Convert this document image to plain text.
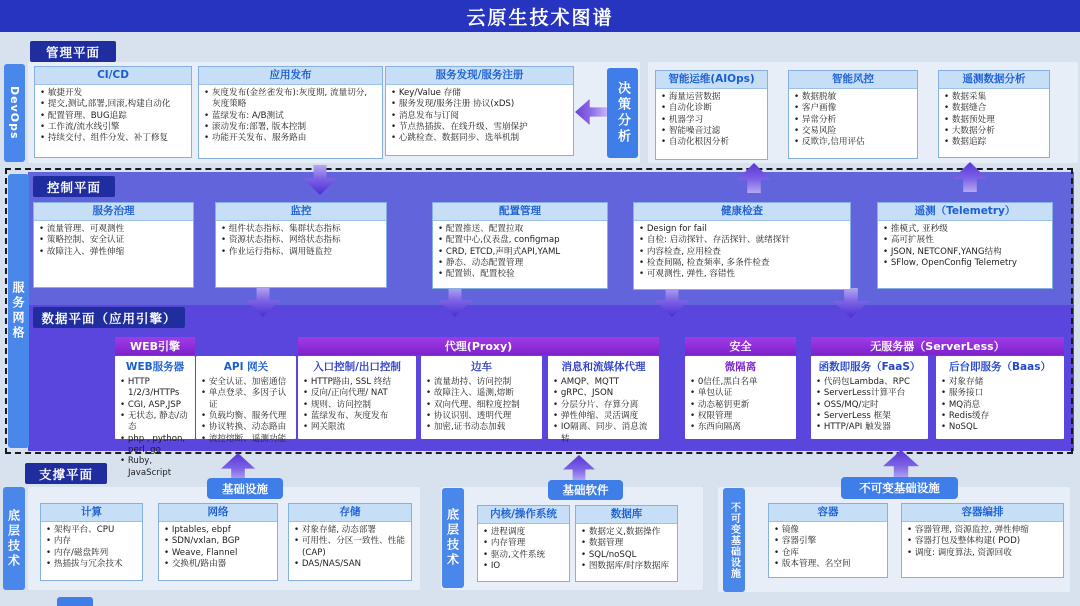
云原生技术图谱
管理平面
控制平面
数据平面（应用引擎）
支撑平面
DevOps	决策分析
服务网格
底层技术	底层技术	不可变基础设施
WEB引擎	代理(Proxy)	安全	无服务器（ServerLess）
基础设施	基础软件	不可变基础设施
CI/CD
• 敏捷开发
• 提交,测试,部署,回滚,构建自动化
• 配置管理、BUG追踪
• 工作流/流水线引擎
• 持续交付、组件分发、补丁修复
应用发布
• 灰度发布(金丝雀发布):灰度期, 流量切分, 灰度策略
• 蓝绿发布: A/B测试
• 滚动发布:部署, 版本控制
• 功能开关发布、服务路由
服务发现/服务注册
• Key/Value 存储
• 服务发现/服务注册 协议(xDS)
• 消息发布与订阅
• 节点热插拔、在线升级、雪崩保护
• 心跳检查、数据同步、选举机制
智能运维(AIOps)
• 海量运营数据
• 自动化诊断
• 机器学习
• 智能噪音过滤
• 自动化根因分析
智能风控
• 数据脱敏
• 客户画像
• 异常分析
• 交易风险
• 反欺诈,信用评估
遥测数据分析
• 数据采集
• 数据缝合
• 数据预处理
• 大数据分析
• 数据追踪
服务治理
• 流量管理、可观测性
• 策略控制、安全认证
• 故障注入、弹性伸缩
监控
• 组件状态指标、集群状态指标
• 资源状态指标、网络状态指标
• 作业运行指标、调用链监控
配置管理
• 配置推送、配置拉取
• 配置中心,仪表盘, configmap
• CRD, ETCD,声明式API,YAML
• 静态、动态配置管理
• 配置锁、配置校验
健康检查
• Design for fail
• 自检: 启动探针、存活探针、就绪探针
• 内容检查, 应用检查
• 检查间隔, 检查频率, 多条件检查
• 可观测性, 弹性, 容错性
遥测（Telemetry）
• 推模式, 亚秒级
• 高可扩展性
• JSON, NETCONF,YANG结构
• SFlow, OpenConfig Telemetry
WEB服务器
• HTTP 1/2/3/HTTPs
• CGI, ASP,JSP
• 无状态, 静态/动态
• php , python, perl, go
• Ruby, JavaScript
API 网关
• 安全认证、加密通信
• 单点登录、多因子认证
• 负载均衡、服务代理
• 协议转换、动态路由
• 流控熔断、遥测功能
入口控制/出口控制
• HTTP路由, SSL 终结
• 反向/正向代理/ NAT
• 规则、访问控制
• 蓝绿发布、灰度发布
• 网关限流
边车
• 流量劫持、访问控制
• 故障注入、遥测,熔断
• 双向代理、细粒度控制
• 协议识别、透明代理
• 加密,证书动态加载
消息和流媒体代理
• AMQP、MQTT
• gRPC、JSON
• 分层分片、存算分离
• 弹性伸缩、灵活调度
• IO隔离、同步、消息流转
微隔离
• 0信任,黑白名单
• 单包认证
• 动态秘钥更新
• 权限管理
• 东西向隔离
函数即服务（FaaS）
• 代码包Lambda、RPC
• ServerLess计算平台
• OSS/MQ/定时
• ServerLess 框架
• HTTP/API 触发器
后台即服务（Baas）
• 对象存储
• 服务接口
• MQ消息
• Redis缓存
• NoSQL
计算
• 架构平台、CPU
• 内存
• 内存/磁盘阵列
• 热插拔与冗余技术
网络
• Iptables, ebpf
• SDN/vxlan, BGP
• Weave, Flannel
• 交换机/路由器
存储
• 对象存储, 动态部署
• 可用性、分区一致性、性能(CAP)
• DAS/NAS/SAN
内核/操作系统
• 进程调度
• 内存管理
• 驱动,文件系统
• IO
数据库
• 数据定义,数据操作
• 数据管理
• SQL/noSQL
• 图数据库/时序数据库
容器
• 镜像
• 容器引擎
• 仓库
• 版本管理、名空间
容器编排
• 容器管理, 资源监控, 弹性伸缩
• 容器打包及整体构建( POD)
• 调度: 调度算法, 资源回收
